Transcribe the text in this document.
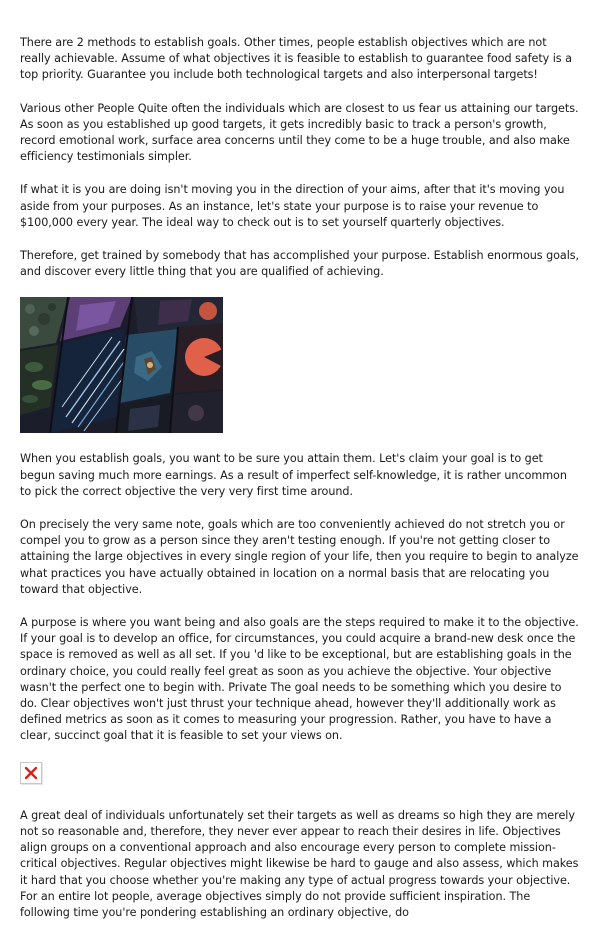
There are 2 methods to establish goals. Other times, people establish objectives which are not really achievable. Assume of what objectives it is feasible to establish to guarantee food safety is a top priority. Guarantee you include both technological targets and also interpersonal targets!

Various other People Quite often the individuals which are closest to us fear us attaining our targets. As soon as you established up good targets, it gets incredibly basic to track a person's growth, record emotional work, surface area concerns until they come to be a huge trouble, and also make efficiency testimonials simpler.

If what it is you are doing isn't moving you in the direction of your aims, after that it's moving you aside from your purposes. As an instance, let's state your purpose is to raise your revenue to $100,000 every year. The ideal way to check out is to set yourself quarterly objectives.

Therefore, get trained by somebody that has accomplished your purpose. Establish enormous goals, and discover every little thing that you are qualified of achieving.

When you establish goals, you want to be sure you attain them. Let's claim your goal is to get begun saving much more earnings. As a result of imperfect self-knowledge, it is rather uncommon to pick the correct objective the very very first time around.

On precisely the very same note, goals which are too conveniently achieved do not stretch you or compel you to grow as a person since they aren't testing enough. If you're not getting closer to attaining the large objectives in every single region of your life, then you require to begin to analyze what practices you have actually obtained in location on a normal basis that are relocating you toward that objective.

A purpose is where you want being and also goals are the steps required to make it to the objective. If your goal is to develop an office, for circumstances, you could acquire a brand-new desk once the space is removed as well as all set. If you 'd like to be exceptional, but are establishing goals in the ordinary choice, you could really feel great as soon as you achieve the objective. Your objective wasn't the perfect one to begin with. Private The goal needs to be something which you desire to do. Clear objectives won't just thrust your technique ahead, however they'll additionally work as defined metrics as soon as it comes to measuring your progression. Rather, you have to have a clear, succinct goal that it is feasible to set your views on.

A great deal of individuals unfortunately set their targets as well as dreams so high they are merely not so reasonable and, therefore, they never ever appear to reach their desires in life. Objectives align groups on a conventional approach and also encourage every person to complete mission-critical objectives. Regular objectives might likewise be hard to gauge and also assess, which makes it hard that you choose whether you're making any type of actual progress towards your objective. For an entire lot people, average objectives simply do not provide sufficient inspiration. The following time you're pondering establishing an ordinary objective, do
